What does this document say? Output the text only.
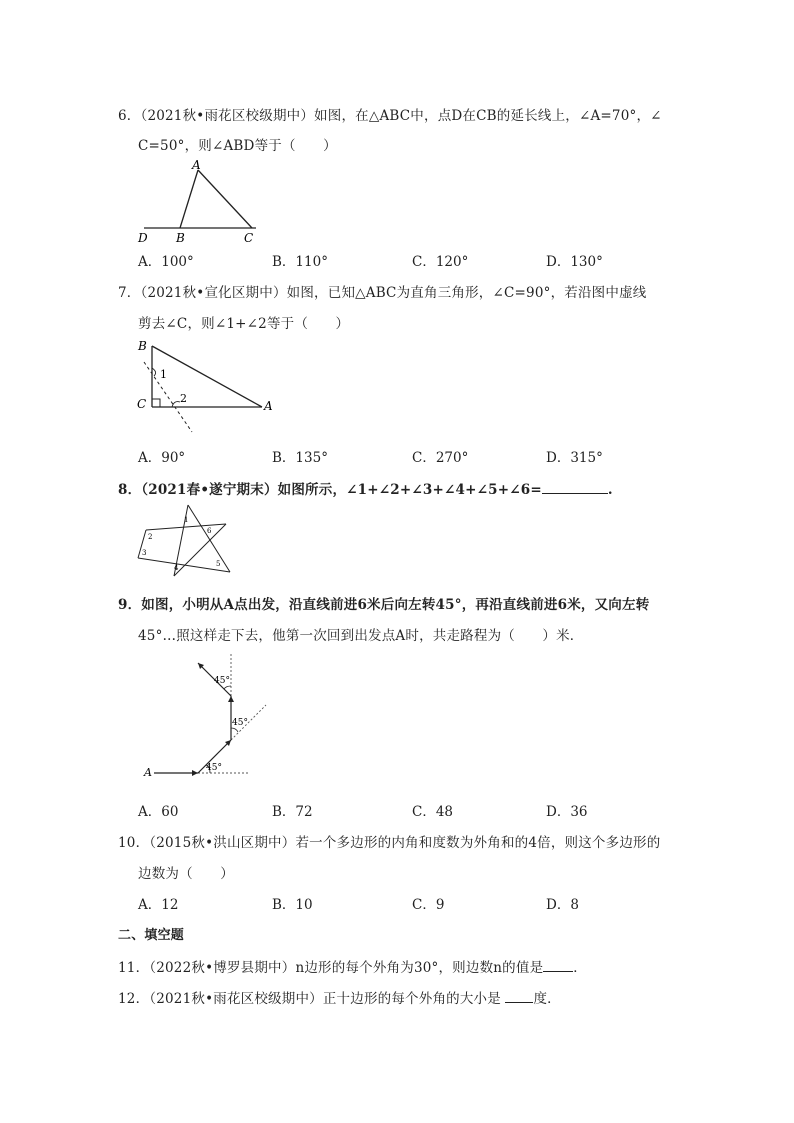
6．（2021秋•雨花区校级期中）如图，在△ABC中，点D在CB的延长线上，∠A=70°，∠
C=50°，则∠ABD等于（　　）
A
B	C
D
A．100°	B．110°	C．120°	D．130°
7．（2021秋•宣化区期中）如图，已知△ABC为直角三角形，∠C=90°，若沿图中虚线
剪去∠C，则∠1+∠2等于（　　）
B
C	A
1
2
A．90°	B．135°	C．270°	D．315°
8．（2021春•遂宁期末）如图所示，∠1+∠2+∠3+∠4+∠5+∠6=	.
1
2
3
4	5
6
9．如图，小明从A点出发，沿直线前进6米后向左转45°，再沿直线前进6米，又向左转
45°…照这样走下去，他第一次回到出发点A时，共走路程为（　　）米．
A	45°
45°
45°
A．60	B．72	C．48	D．36
10．（2015秋•洪山区期中）若一个多边形的内角和度数为外角和的4倍，则这个多边形的
边数为（　　）
A．12	B．10	C．9	D．8
二、填空题
11．（2022秋•博罗县期中）n边形的每个外角为30°，则边数n的值是 ．
12．（2021秋•雨花区校级期中）正十边形的每个外角的大小是 度．
